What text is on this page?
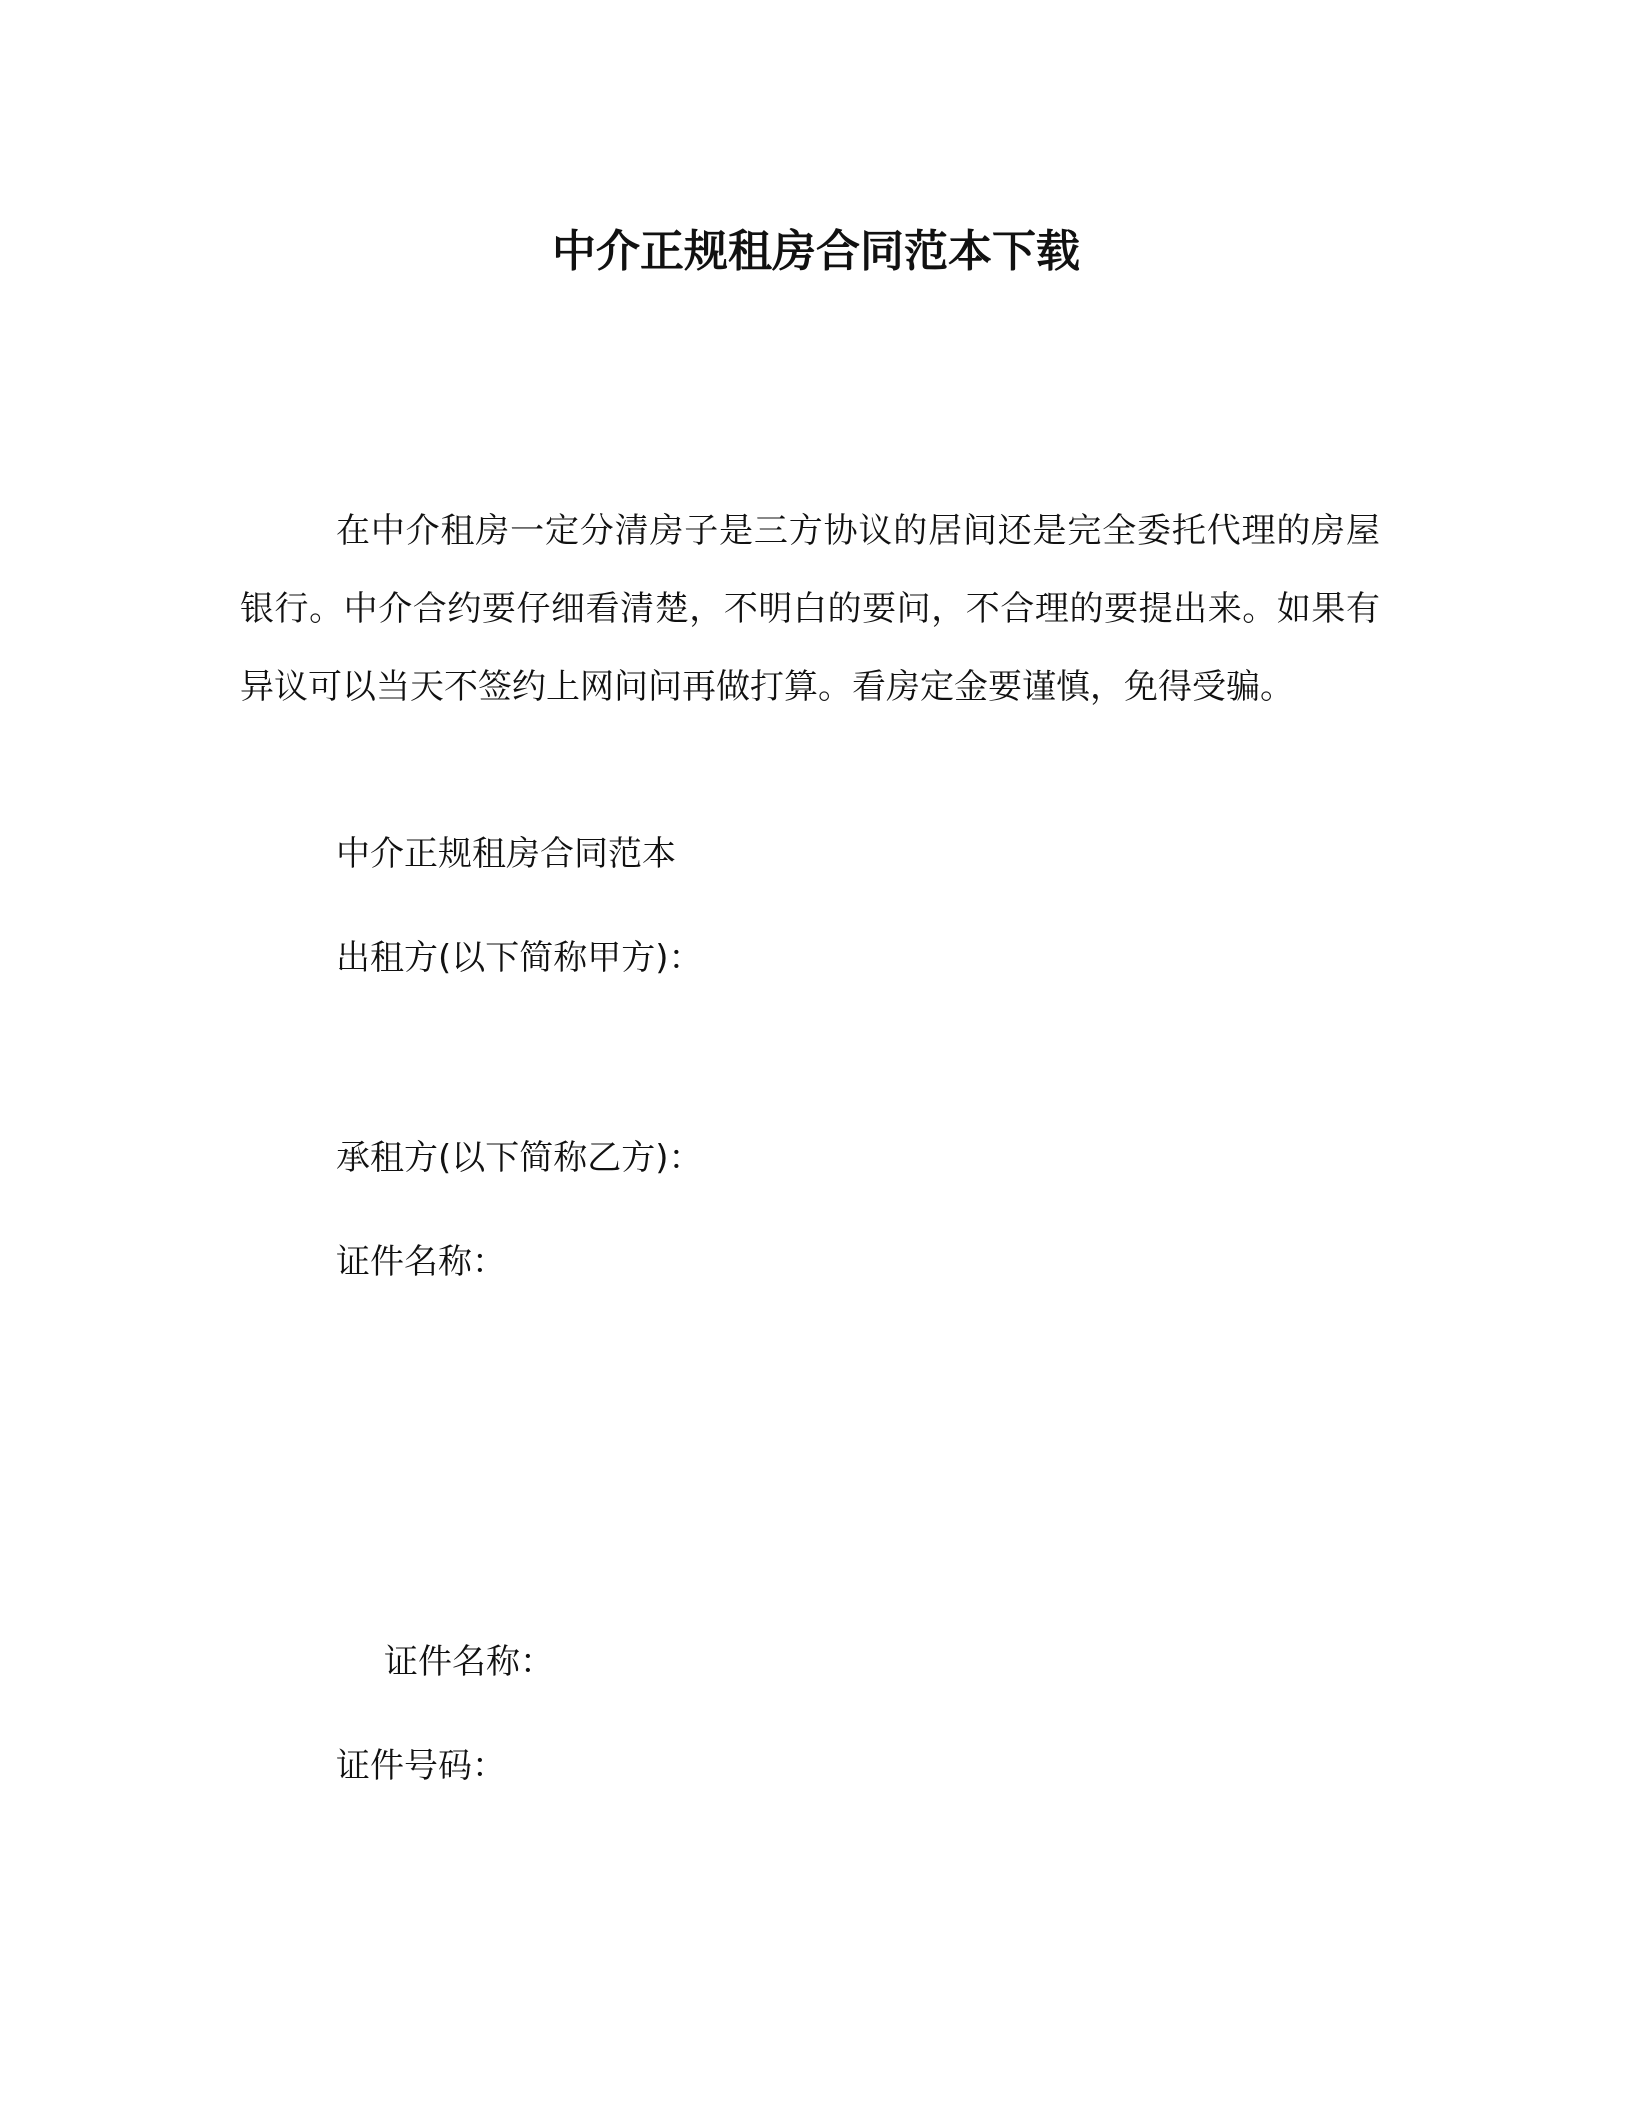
中介正规租房合同范本下载

在中介租房一定分清房子是三方协议的居间还是完全委托代理的房屋银行。中介合约要仔细看清楚，不明白的要问，不合理的要提出来。如果有异议可以当天不签约上网问问再做打算。看房定金要谨慎，免得受骗。

中介正规租房合同范本

出租方(以下简称甲方)：

承租方(以下简称乙方)：

证件名称：

证件名称：

证件号码：
